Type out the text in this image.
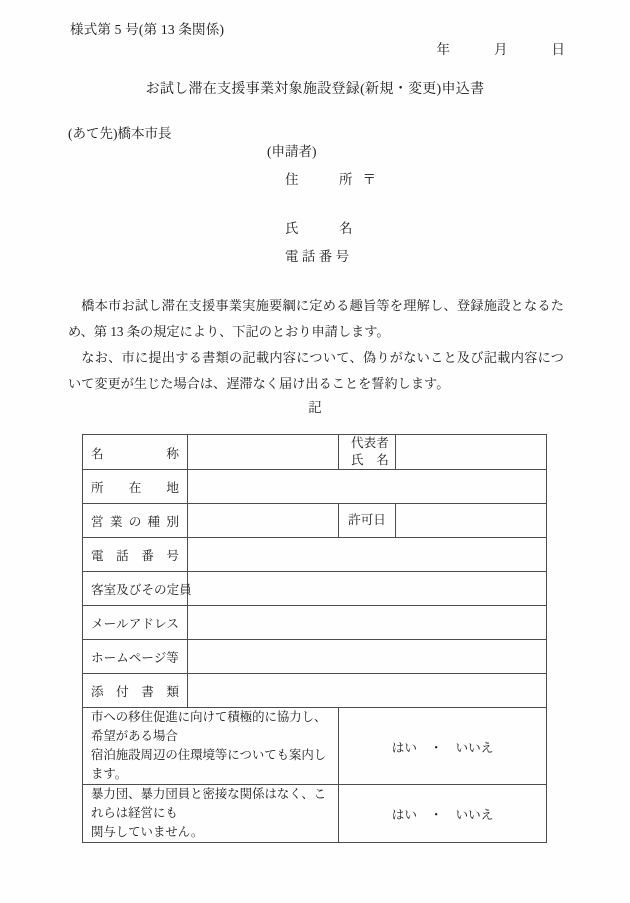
様式第 5 号(第 13 条関係)
年	月	日
お試し滞在支援事業対象施設登録(新規・変更)申込書
(あて先)橋本市長
(申請者)
住　　　所 〒
氏　　　名
電 話 番 号

橋本市お試し滞在支援事業実施要綱に定める趣旨等を理解し、登録施設となるため、第 13 条の規定により、下記のとおり申請します。

なお、市に提出する書類の記載内容について、偽りがないこと及び記載内容について変更が生じた場合は、遅滞なく届け出ることを誓約します。

記
名称		代表者
氏　名	

所在地			
営業の種別		許可日	
電話番号			
客室及びその定員			
メールアドレス			
ホームページ等			
添付書類			
市への移住促進に向けて積極的に協力し、希望がある場合
宿泊施設周辺の住環境等についても案内します。		はい ・ いいえ	
暴力団、暴力団員と密接な関係はなく、これらは経営にも
関与していません。		はい ・ いいえ	
